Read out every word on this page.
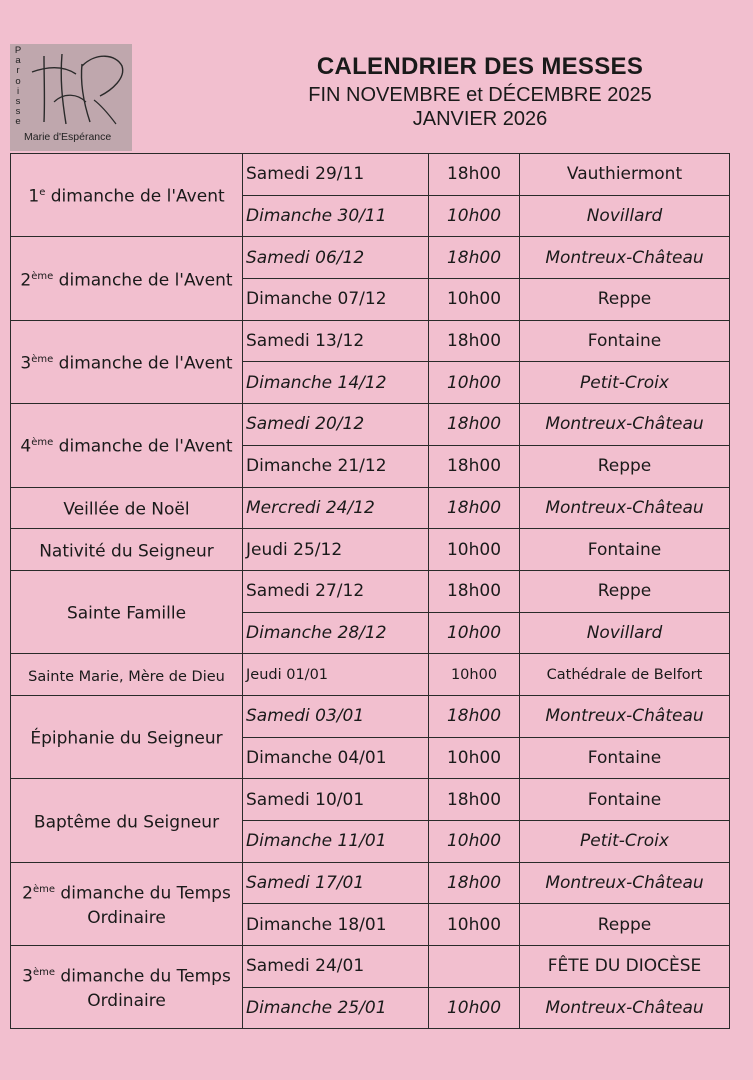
P
a
r
o
i
s
s
e
Marie d'Espérance
CALENDRIER DES MESSES
FIN NOVEMBRE et DÉCEMBRE 2025
JANVIER 2026
1e dimanche de l'Avent	Samedi 29/11	18h00	Vauthiermont
	Dimanche 30/11	10h00	Novillard
2ème dimanche de l'Avent	Samedi 06/12	18h00	Montreux-Château
	Dimanche 07/12	10h00	Reppe
3ème dimanche de l'Avent	Samedi 13/12	18h00	Fontaine
	Dimanche 14/12	10h00	Petit-Croix
4ème dimanche de l'Avent	Samedi 20/12	18h00	Montreux-Château
	Dimanche 21/12	18h00	Reppe
Veillée de Noël	Mercredi 24/12	18h00	Montreux-Château
Nativité du Seigneur	Jeudi 25/12	10h00	Fontaine
Sainte Famille	Samedi 27/12	18h00	Reppe
	Dimanche 28/12	10h00	Novillard
Sainte Marie, Mère de Dieu	Jeudi 01/01	10h00	Cathédrale de Belfort
Épiphanie du Seigneur	Samedi 03/01	18h00	Montreux-Château
	Dimanche 04/01	10h00	Fontaine
Baptême du Seigneur	Samedi 10/01	18h00	Fontaine
	Dimanche 11/01	10h00	Petit-Croix
2ème dimanche du Temps Ordinaire	Samedi 17/01	18h00	Montreux-Château
	Dimanche 18/01	10h00	Reppe
3ème dimanche du Temps Ordinaire	Samedi 24/01		FÊTE DU DIOCÈSE
	Dimanche 25/01	10h00	Montreux-Château
